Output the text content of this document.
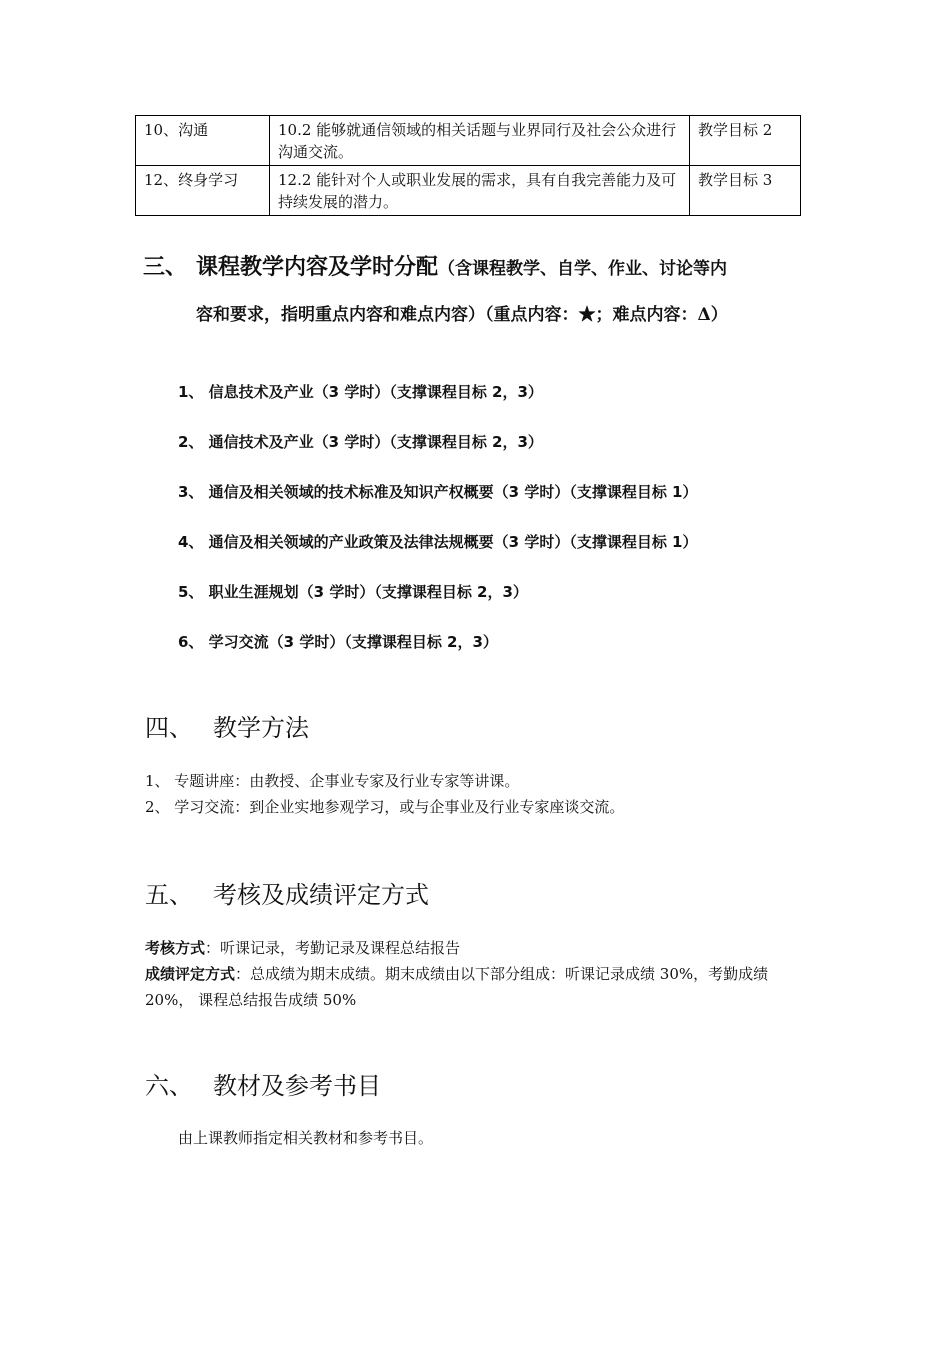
10、沟通	10.2 能够就通信领域的相关话题与业界同行及社会公众进行沟通交流。	教学目标 2
12、终身学习	12.2 能针对个人或职业发展的需求，具有自我完善能力及可持续发展的潜力。	教学目标 3
三、 课程教学内容及学时分配（含课程教学、自学、作业、讨论等内
容和要求，指明重点内容和难点内容）（重点内容：★；难点内容：Δ）
1、 信息技术及产业（3 学时）（支撑课程目标 2，3）
2、 通信技术及产业（3 学时）（支撑课程目标 2，3）
3、 通信及相关领域的技术标准及知识产权概要（3 学时）（支撑课程目标 1）
4、 通信及相关领域的产业政策及法律法规概要（3 学时）（支撑课程目标 1）
5、 职业生涯规划（3 学时）（支撑课程目标 2，3）
6、 学习交流（3 学时）（支撑课程目标 2，3）
四、 教学方法
1、 专题讲座：由教授、企事业专家及行业专家等讲课。
2、 学习交流：到企业实地参观学习，或与企事业及行业专家座谈交流。
五、 考核及成绩评定方式
考核方式：听课记录，考勤记录及课程总结报告
成绩评定方式：总成绩为期末成绩。期末成绩由以下部分组成：听课记录成绩 30%，考勤成绩 20%， 课程总结报告成绩 50%
六、 教材及参考书目
由上课教师指定相关教材和参考书目。
